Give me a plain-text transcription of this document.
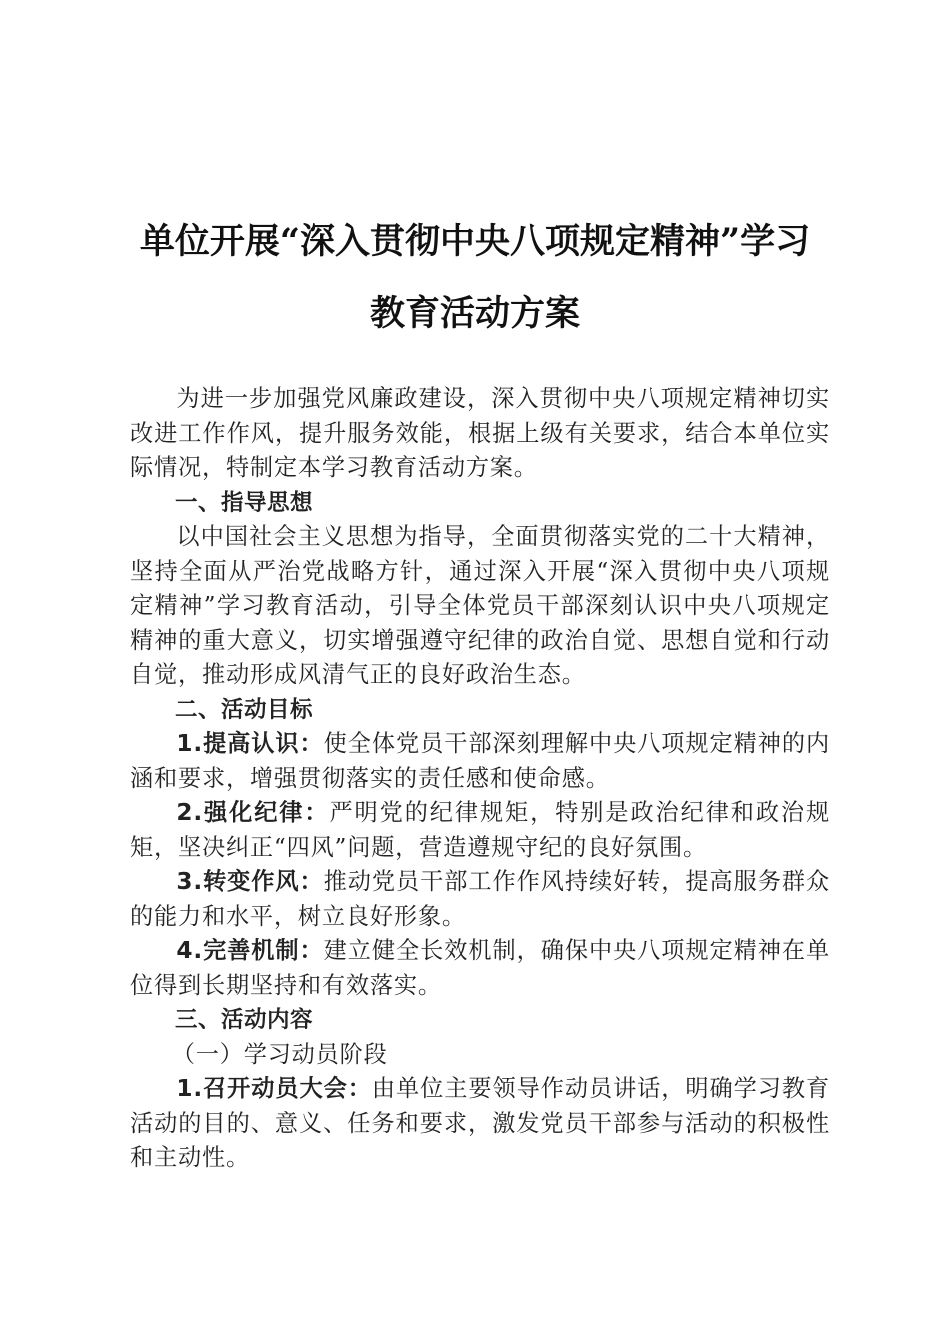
单位开展“深入贯彻中央八项规定精神”学习
教育活动方案

为进一步加强党风廉政建设，深入贯彻中央八项规定精神切实改进工作作风，提升服务效能，根据上级有关要求，结合本单位实际情况，特制定本学习教育活动方案。

一、指导思想

以中国社会主义思想为指导，全面贯彻落实党的二十大精神，坚持全面从严治党战略方针，通过深入开展“深入贯彻中央八项规定精神”学习教育活动，引导全体党员干部深刻认识中央八项规定精神的重大意义，切实增强遵守纪律的政治自觉、思想自觉和行动自觉，推动形成风清气正的良好政治生态。

二、活动目标

1.提高认识：使全体党员干部深刻理解中央八项规定精神的内涵和要求，增强贯彻落实的责任感和使命感。

2.强化纪律：严明党的纪律规矩，特别是政治纪律和政治规矩，坚决纠正“四风”问题，营造遵规守纪的良好氛围。

3.转变作风：推动党员干部工作作风持续好转，提高服务群众的能力和水平，树立良好形象。

4.完善机制：建立健全长效机制，确保中央八项规定精神在单位得到长期坚持和有效落实。

三、活动内容

（一）学习动员阶段

1.召开动员大会：由单位主要领导作动员讲话，明确学习教育活动的目的、意义、任务和要求，激发党员干部参与活动的积极性和主动性。
